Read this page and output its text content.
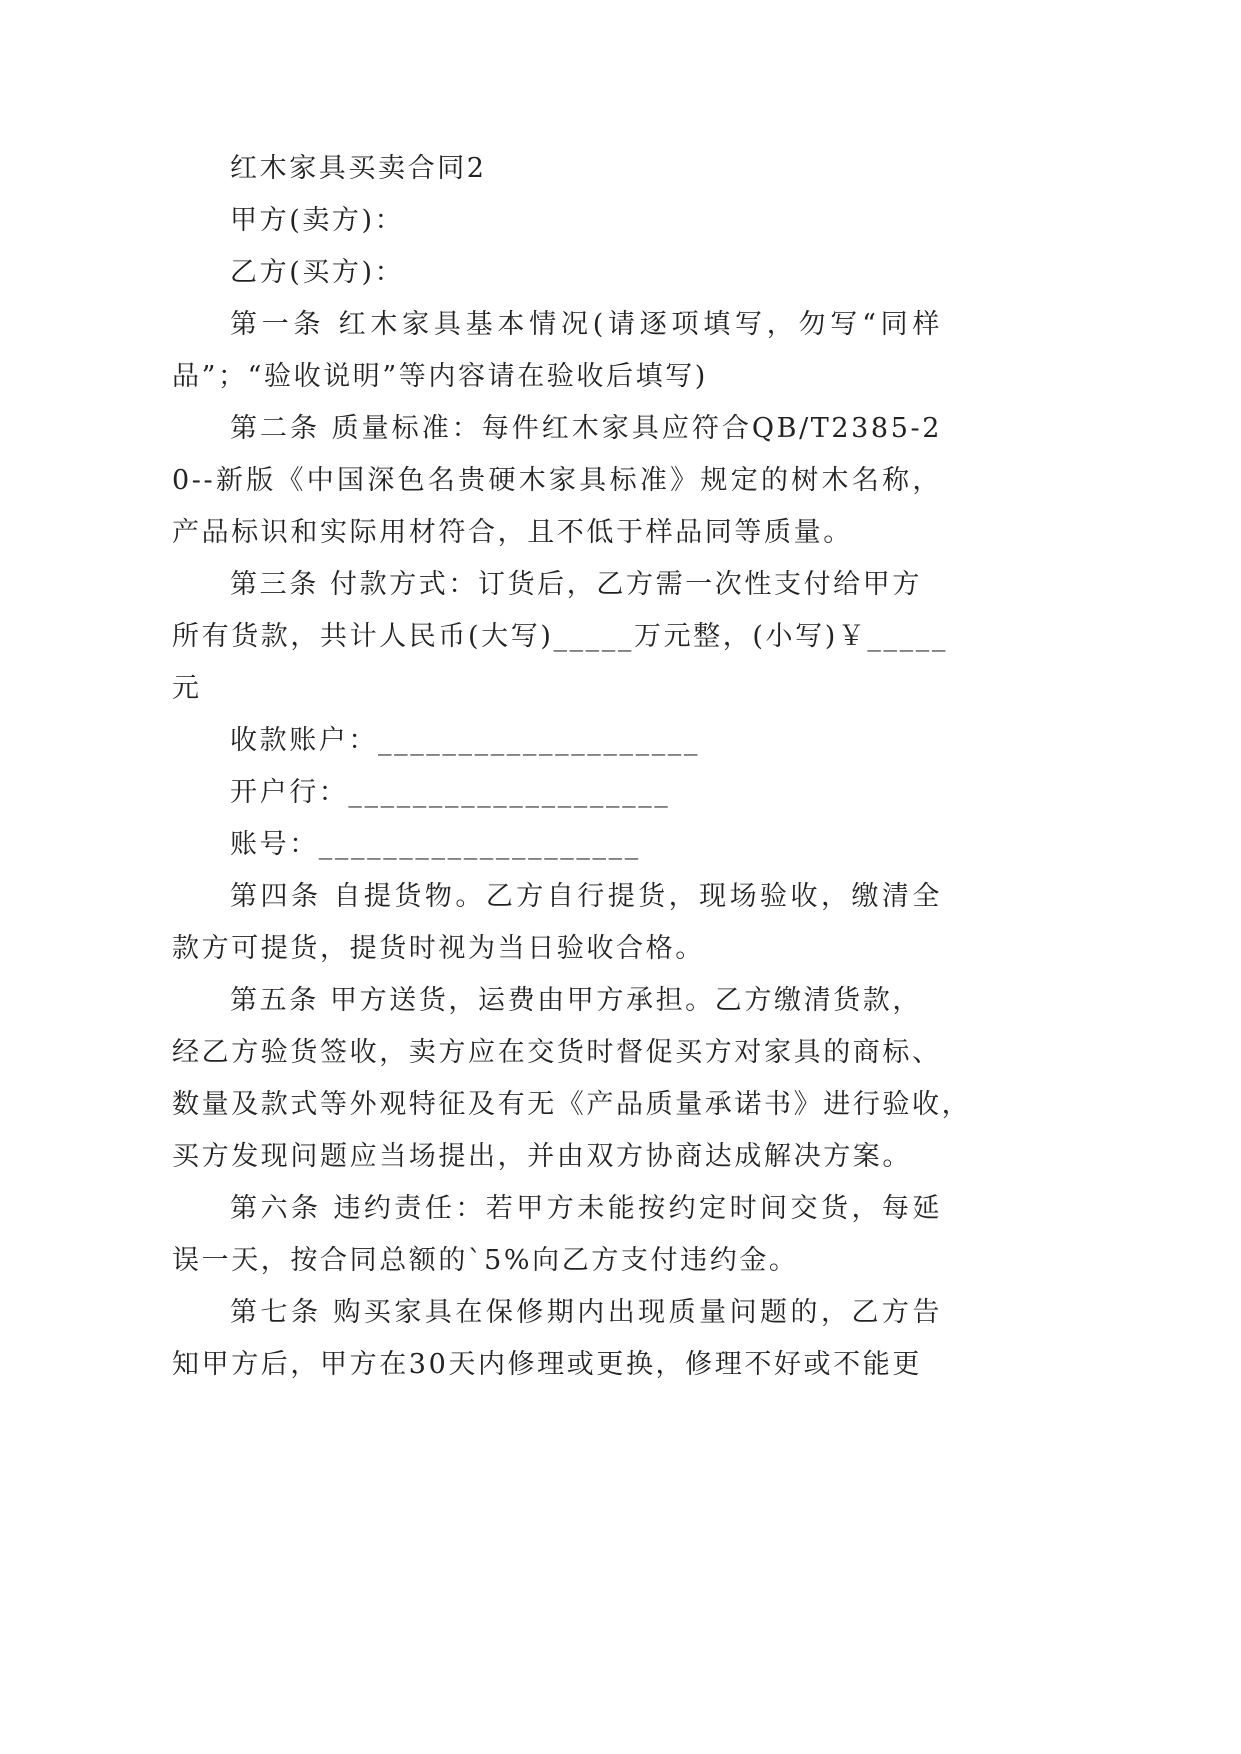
红木家具买卖合同2

甲方(卖方)：

乙方(买方)：

第一条 红木家具基本情况(请逐项填写，勿写“同样品”；“验收说明”等内容请在验收后填写)

第二条 质量标准：每件红木家具应符合QB/T2385-20--新版《中国深色名贵硬木家具标准》规定的树木名称，产品标识和实际用材符合，且不低于样品同等质量。

第三条 付款方式：订货后，乙方需一次性支付给甲方
所有货款，共计人民币(大写)_____万元整，(小写)￥_____
元

收款账户：____________________

开户行：____________________

账号：____________________

第四条 自提货物。乙方自行提货，现场验收，缴清全款方可提货，提货时视为当日验收合格。

第五条 甲方送货，运费由甲方承担。乙方缴清货款，
经乙方验货签收，卖方应在交货时督促买方对家具的商标、
数量及款式等外观特征及有无《产品质量承诺书》进行验收，
买方发现问题应当场提出，并由双方协商达成解决方案。

第六条 违约责任：若甲方未能按约定时间交货，每延误一天，按合同总额的`5%向乙方支付违约金。

第七条 购买家具在保修期内出现质量问题的，乙方告知甲方后，甲方在30天内修理或更换，修理不好或不能更
